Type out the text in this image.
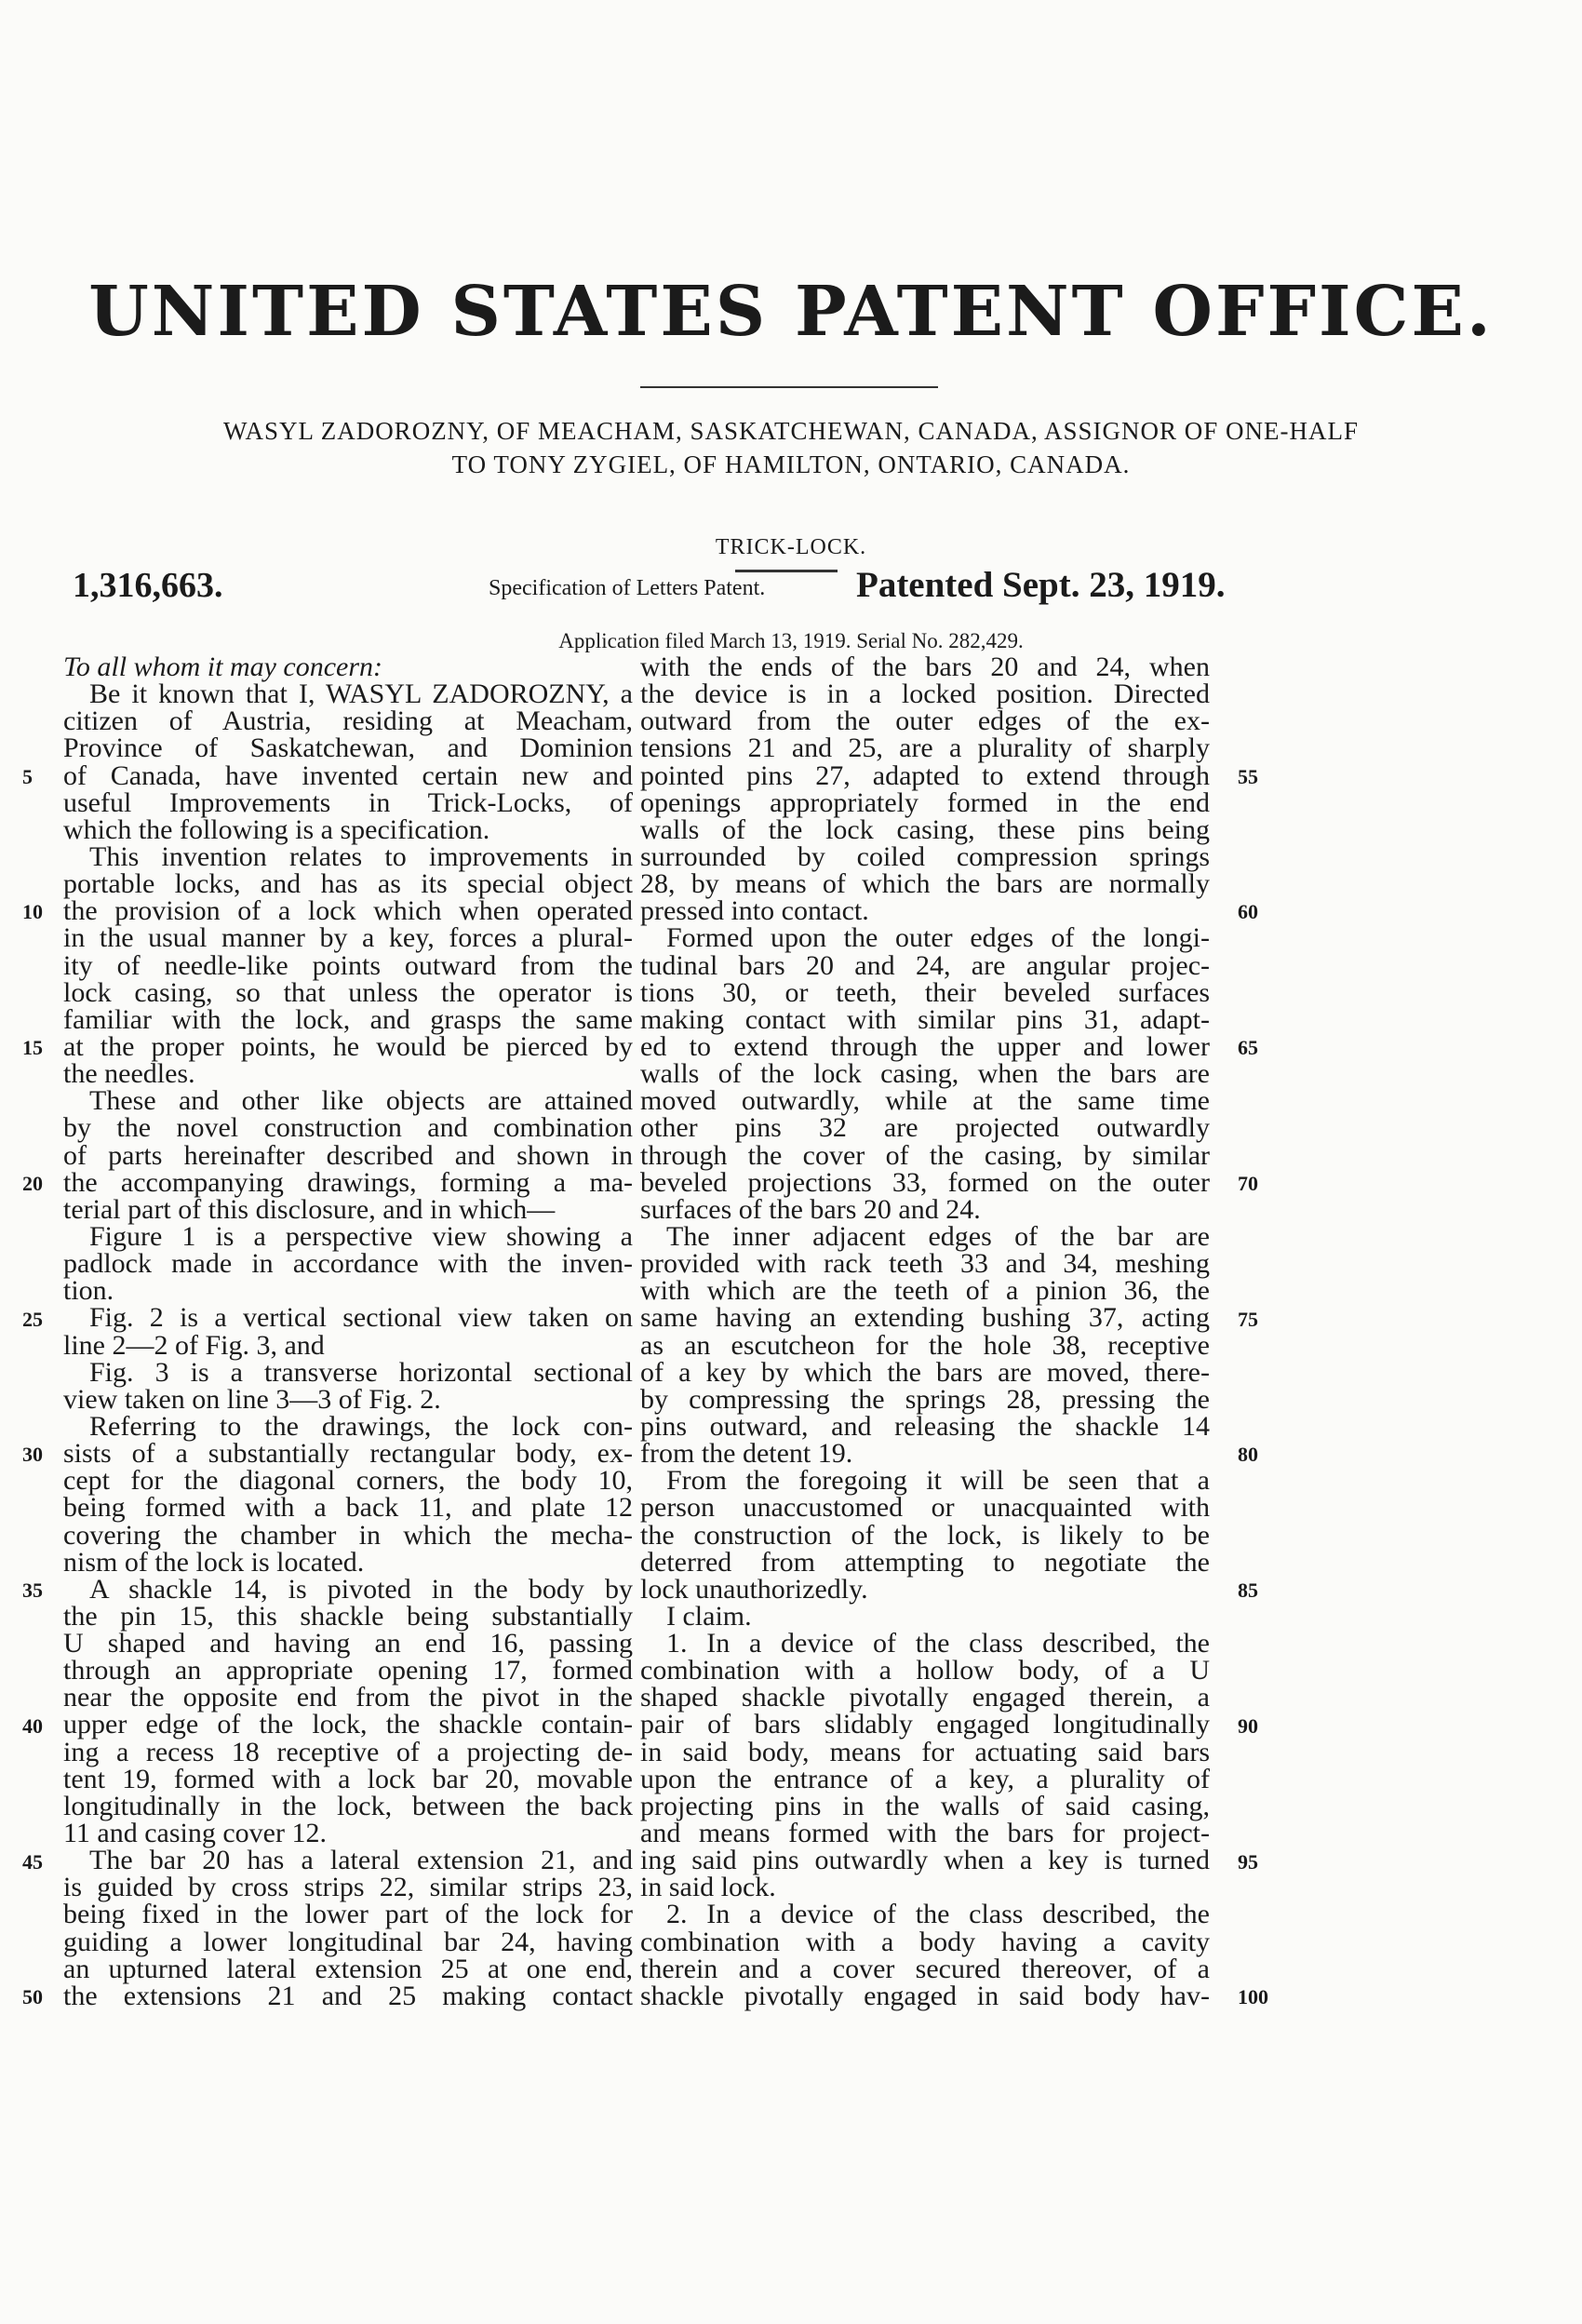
UNITED STATES PATENT OFFICE.
WASYL ZADOROZNY, OF MEACHAM, SASKATCHEWAN, CANADA, ASSIGNOR OF ONE-HALF
TO TONY ZYGIEL, OF HAMILTON, ONTARIO, CANADA.
TRICK-LOCK.
1,316,663.	Specification of Letters Patent.	Patented Sept. 23, 1919.
Application filed March 13, 1919. Serial No. 282,429.
To all whom it may concern:
Be it known that I, WASYL ZADOROZNY, a
citizen of Austria, residing at Meacham,
Province of Saskatchewan, and Dominion
of Canada, have invented certain new and
useful Improvements in Trick-Locks, of
which the following is a specification.
This invention relates to improvements in
portable locks, and has as its special object
the provision of a lock which when operated
in the usual manner by a key, forces a plural-
ity of needle-like points outward from the
lock casing, so that unless the operator is
familiar with the lock, and grasps the same
at the proper points, he would be pierced by
the needles.
These and other like objects are attained
by the novel construction and combination
of parts hereinafter described and shown in
the accompanying drawings, forming a ma-
terial part of this disclosure, and in which—
Figure 1 is a perspective view showing a
padlock made in accordance with the inven-
tion.
Fig. 2 is a vertical sectional view taken on
line 2—2 of Fig. 3, and
Fig. 3 is a transverse horizontal sectional
view taken on line 3—3 of Fig. 2.
Referring to the drawings, the lock con-
sists of a substantially rectangular body, ex-
cept for the diagonal corners, the body 10,
being formed with a back 11, and plate 12
covering the chamber in which the mecha-
nism of the lock is located.
A shackle 14, is pivoted in the body by
the pin 15, this shackle being substantially
U shaped and having an end 16, passing
through an appropriate opening 17, formed
near the opposite end from the pivot in the
upper edge of the lock, the shackle contain-
ing a recess 18 receptive of a projecting de-
tent 19, formed with a lock bar 20, movable
longitudinally in the lock, between the back
11 and casing cover 12.
The bar 20 has a lateral extension 21, and
is guided by cross strips 22, similar strips 23,
being fixed in the lower part of the lock for
guiding a lower longitudinal bar 24, having
an upturned lateral extension 25 at one end,
the extensions 21 and 25 making contact
with the ends of the bars 20 and 24, when
the device is in a locked position. Directed
outward from the outer edges of the ex-
tensions 21 and 25, are a plurality of sharply
pointed pins 27, adapted to extend through
openings appropriately formed in the end
walls of the lock casing, these pins being
surrounded by coiled compression springs
28, by means of which the bars are normally
pressed into contact.
Formed upon the outer edges of the longi-
tudinal bars 20 and 24, are angular projec-
tions 30, or teeth, their beveled surfaces
making contact with similar pins 31, adapt-
ed to extend through the upper and lower
walls of the lock casing, when the bars are
moved outwardly, while at the same time
other pins 32 are projected outwardly
through the cover of the casing, by similar
beveled projections 33, formed on the outer
surfaces of the bars 20 and 24.
The inner adjacent edges of the bar are
provided with rack teeth 33 and 34, meshing
with which are the teeth of a pinion 36, the
same having an extending bushing 37, acting
as an escutcheon for the hole 38, receptive
of a key by which the bars are moved, there-
by compressing the springs 28, pressing the
pins outward, and releasing the shackle 14
from the detent 19.
From the foregoing it will be seen that a
person unaccustomed or unacquainted with
the construction of the lock, is likely to be
deterred from attempting to negotiate the
lock unauthorizedly.
I claim.
1. In a device of the class described, the
combination with a hollow body, of a U
shaped shackle pivotally engaged therein, a
pair of bars slidably engaged longitudinally
in said body, means for actuating said bars
upon the entrance of a key, a plurality of
projecting pins in the walls of said casing,
and means formed with the bars for project-
ing said pins outwardly when a key is turned
in said lock.
2. In a device of the class described, the
combination with a body having a cavity
therein and a cover secured thereover, of a
shackle pivotally engaged in said body hav-
5
10
15
20
25
30
35
40
45
50
55
60
65
70
75
80
85
90
95
100
